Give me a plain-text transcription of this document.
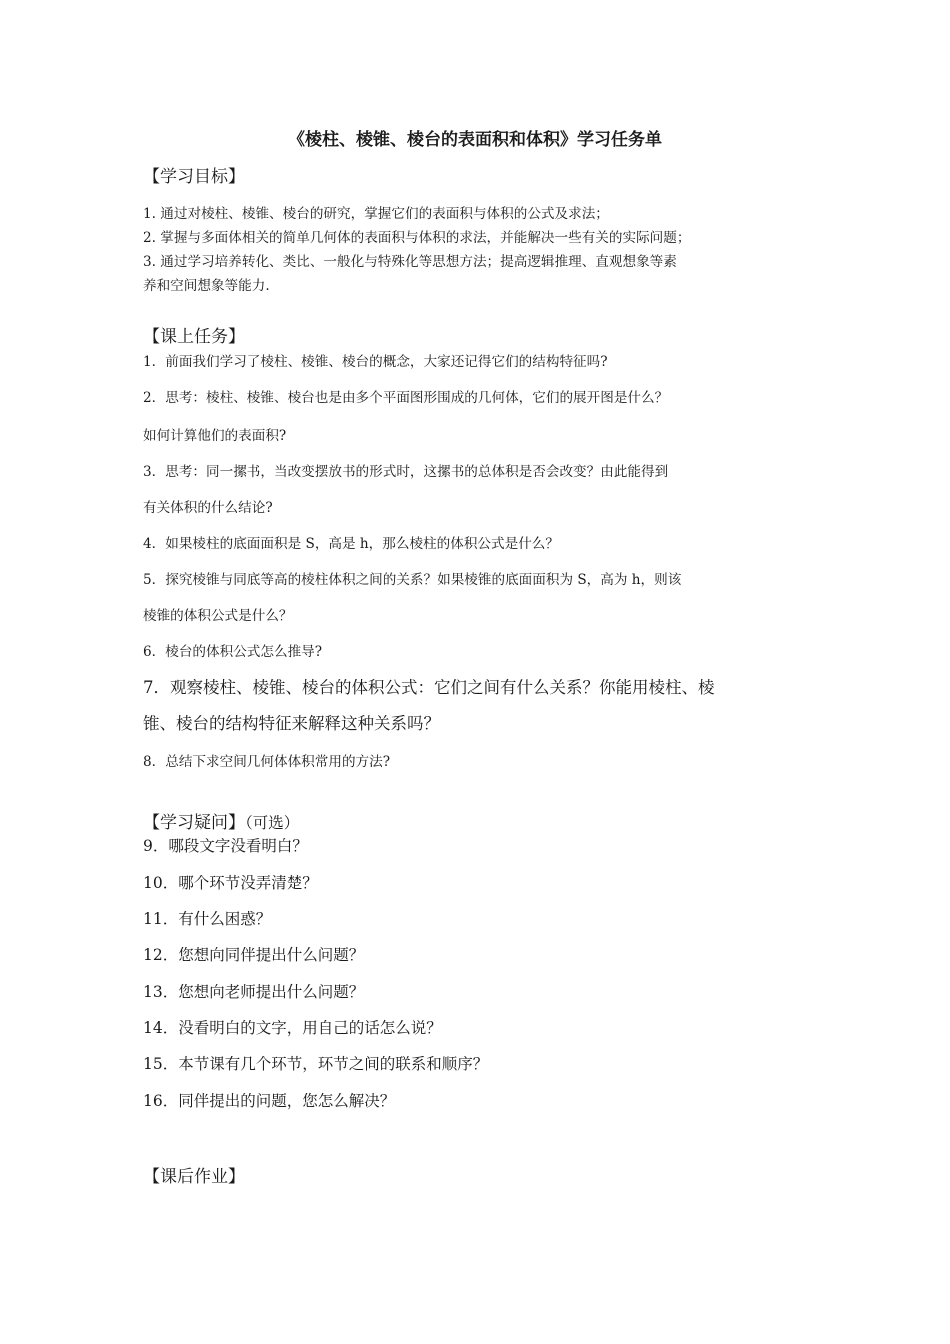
《棱柱、棱锥、棱台的表面积和体积》学习任务单
【学习目标】
1. 通过对棱柱、棱锥、棱台的研究，掌握它们的表面积与体积的公式及求法；
2. 掌握与多面体相关的简单几何体的表面积与体积的求法，并能解决一些有关的实际问题；
3. 通过学习培养转化、类比、一般化与特殊化等思想方法；提高逻辑推理、直观想象等素
养和空间想象等能力.
【课上任务】
1．前面我们学习了棱柱、棱锥、棱台的概念，大家还记得它们的结构特征吗?
2．思考：棱柱、棱锥、棱台也是由多个平面图形围成的几何体，它们的展开图是什么？
如何计算他们的表面积?
3．思考：同一摞书，当改变摆放书的形式时，这摞书的总体积是否会改变？由此能得到
有关体积的什么结论?
4．如果棱柱的底面面积是 S，高是 h，那么棱柱的体积公式是什么？
5．探究棱锥与同底等高的棱柱体积之间的关系？如果棱锥的底面面积为 S，高为 h，则该
棱锥的体积公式是什么？
6．棱台的体积公式怎么推导?
7．观察棱柱、棱锥、棱台的体积公式：它们之间有什么关系？你能用棱柱、棱
锥、棱台的结构特征来解释这种关系吗？
8．总结下求空间几何体体积常用的方法?
【学习疑问】（可选）
9．哪段文字没看明白？
10．哪个环节没弄清楚？
11．有什么困惑？
12．您想向同伴提出什么问题？
13．您想向老师提出什么问题？
14．没看明白的文字，用自己的话怎么说？
15．本节课有几个环节，环节之间的联系和顺序？
16．同伴提出的问题，您怎么解决？
【课后作业】
